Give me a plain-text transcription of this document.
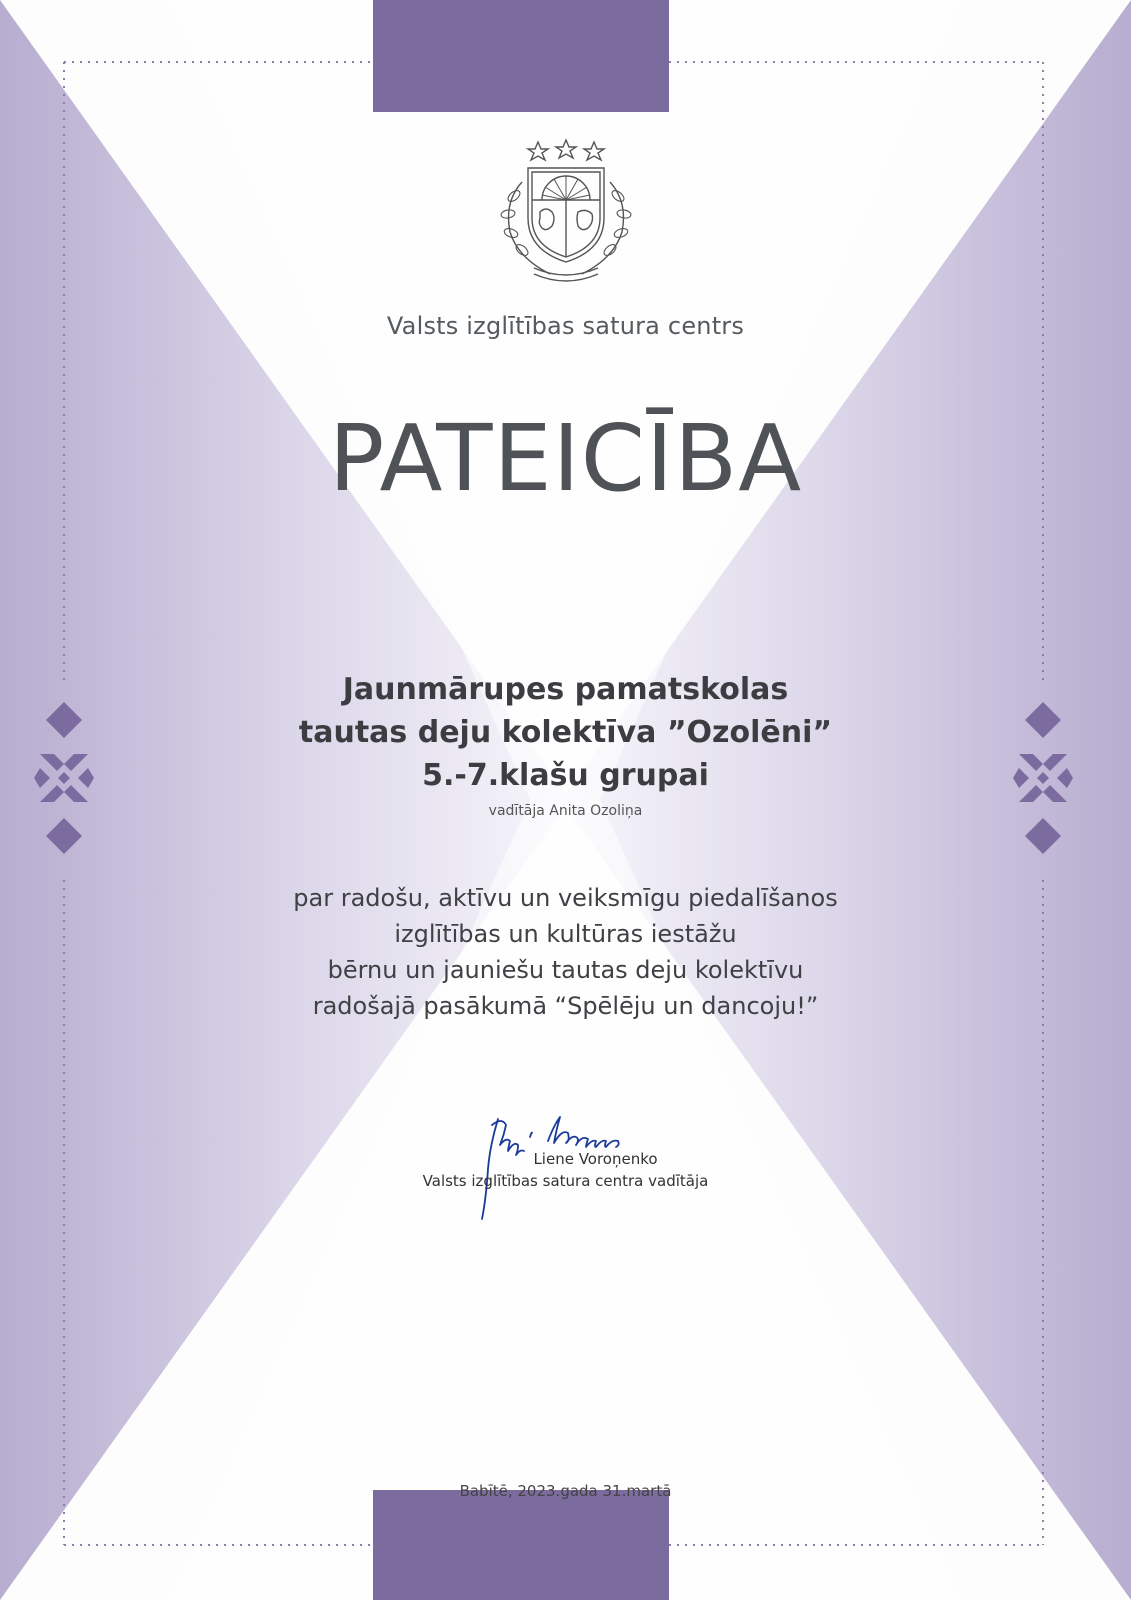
Valsts izglītības satura centrs
PATEICĪBA
Jaunmārupes pamatskolas
tautas deju kolektīva ”Ozolēni”
5.-7.klašu grupai
vadītāja Anita Ozoliņa
par radošu, aktīvu un veiksmīgu piedalīšanos
izglītības un kultūras iestāžu
bērnu un jauniešu tautas deju kolektīvu
radošajā pasākumā “Spēlēju un dancoju!”
Liene Voroņenko
Valsts izglītības satura centra vadītāja
Babītē, 2023.gada 31.martā
